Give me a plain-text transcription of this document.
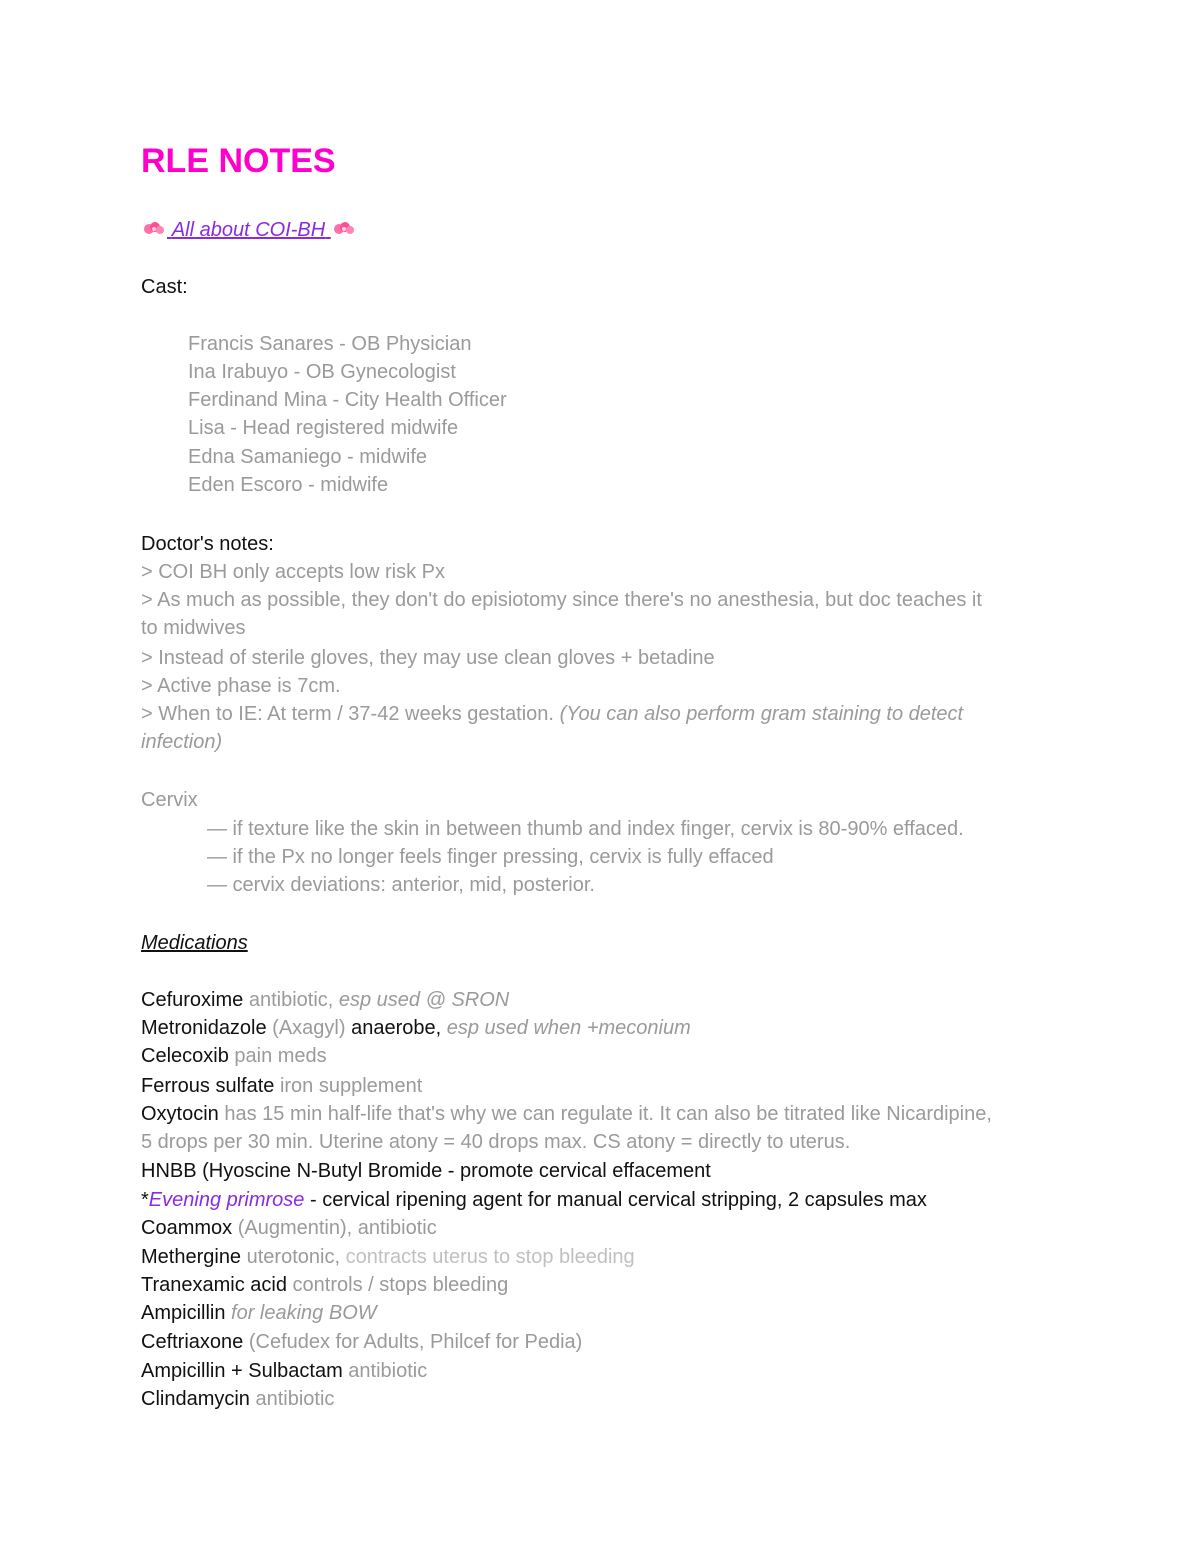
RLE NOTES
All about COI-BH
Cast:
Francis Sanares - OB Physician
Ina Irabuyo - OB Gynecologist
Ferdinand Mina - City Health Officer
Lisa - Head registered midwife
Edna Samaniego - midwife
Eden Escoro - midwife
Doctor's notes:
> COI BH only accepts low risk Px
> As much as possible, they don't do episiotomy since there's no anesthesia, but doc teaches it
to midwives
> Instead of sterile gloves, they may use clean gloves + betadine
> Active phase is 7cm.
> When to IE: At term / 37-42 weeks gestation. (You can also perform gram staining to detect
infection)
Cervix
— if texture like the skin in between thumb and index finger, cervix is 80-90% effaced.
— if the Px no longer feels finger pressing, cervix is fully effaced
— cervix deviations: anterior, mid, posterior.
Medications
Cefuroxime antibiotic, esp used @ SRON
Metronidazole (Axagyl) anaerobe, esp used when +meconium
Celecoxib pain meds
Ferrous sulfate iron supplement
Oxytocin has 15 min half-life that's why we can regulate it. It can also be titrated like Nicardipine,
5 drops per 30 min. Uterine atony = 40 drops max. CS atony = directly to uterus.
HNBB (Hyoscine N-Butyl Bromide - promote cervical effacement
*Evening primrose - cervical ripening agent for manual cervical stripping, 2 capsules max
Coammox (Augmentin), antibiotic
Methergine uterotonic, contracts uterus to stop bleeding
Tranexamic acid controls / stops bleeding
Ampicillin for leaking BOW
Ceftriaxone (Cefudex for Adults, Philcef for Pedia)
Ampicillin + Sulbactam antibiotic
Clindamycin antibiotic
